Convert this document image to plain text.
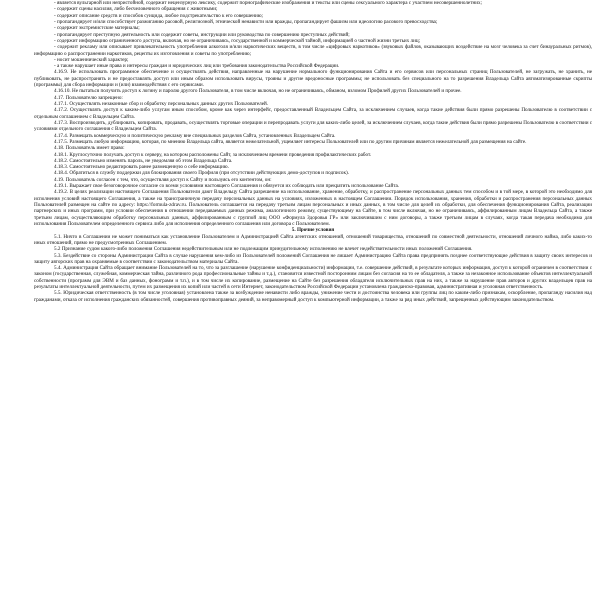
- является вульгарной или непристойной, содержит нецензурную лексику, содержит порнографические изображения и тексты или сцены сексуального характера с участием несовершеннолетних;

- содержит сцены насилия, либо бесчеловечного обращения с животными;

- содержит описание средств и способов суицида, любое подстрекательство к его совершению;

- пропагандирует и/или способствует разжиганию расовой, религиозной, этнической ненависти или вражды, пропагандирует фашизм или идеологию расового превосходства;

- содержит экстремистские материалы;

- пропагандирует преступную деятельность или содержит советы, инструкции или руководства по совершению преступных действий;

- содержит информацию ограниченного доступа, включая, но не ограничиваясь, государственной и коммерческой тайной, информацией о частной жизни третьих лиц;

- содержит рекламу или описывает привлекательность употребления алкоголя и/или наркотических веществ, в том числе «цифровых наркотиков» (звуковых файлов, оказывающих воздействие на мозг человека за счет бинауральных ритмов), информацию о распространении наркотиков, рецепты их изготовления и советы по употреблению;

- носит мошеннический характер;

- а также нарушает иные права и интересы граждан и юридических лиц или требования законодательства Российской Федерации.

4.16.9. Не использовать программное обеспечение и осуществлять действия, направленные на нарушение нормального функционирования Сайта и его сервисов или персональных страниц Пользователей, не загружать, не хранить, не публиковать, не распространять и не предоставлять доступ или иным образом использовать вирусы, трояны и другие вредоносные программы; не использовать без специального на то разрешения Владельца Сайта автоматизированные скрипты (программы) для сбора информации и (или) взаимодействия с его сервисами.

4.16.10. Не пытаться получить доступ к логину и паролю другого Пользователя, в том числе включая, но не ограничиваясь, обманом, взломом Профилей других Пользователей и прочее.

4.17. Пользователю запрещено:

4.17.1. Осуществлять незаконные сбор и обработку персональных данных других Пользователей.

4.17.2. Осуществлять доступ к каким-либо услугам иным способом, кроме как через интерфейс, предоставленный Владельцем Сайта, за исключением случаев, когда такие действия были прямо разрешены Пользователю в соответствии с отдельным соглашением с Владельцем Сайта.

4.17.3. Воспроизводить, дублировать, копировать, продавать, осуществлять торговые операции и перепродавать услуги для каких-либо целей, за исключением случаев, когда такие действия были прямо разрешены Пользователю в соответствии с условиями отдельного соглашения с Владельцем Сайта.

4.17.4. Размещать коммерческую и политическую рекламу вне специальных разделов Сайта, установленных Владельцем Сайта.

4.17.5. Размещать любую информацию, которая, по мнению Владельца сайта, является нежелательной, ущемляет интересы Пользователей или по другим причинам является нежелательной для размещения на сайте.

4.18. Пользователь имеет право:

4.18.1. Круглосуточно получать доступ к серверу, на котором расположены Сайт, за исключением времени проведения профилактических работ.

4.18.2. Самостоятельно изменять пароль, не уведомляя об этом Владельца Сайта.

4.18.3. Самостоятельно редактировать ранее размещенную о себе информацию.

4.18.4. Обратиться в службу поддержки для блокирования своего Профиля (при отсутствии действующих демо-доступов и подписок).

4.19. Пользователь согласен с тем, что, осуществляя доступ к Сайту и пользуясь его контентом, он:

4.19.1. Выражает свое безоговорочное согласие со всеми условиями настоящего Соглашения и обязуется их соблюдать или прекратить использование Сайта.

4.19.2. В целях реализации настоящего Соглашения Пользователи дают Владельцу Сайта разрешение на использование, хранение, обработку, и распространение персональных данных тем способом и в той мере, в которой это необходимо для исполнения условий настоящего Соглашения, а также на трансграничную передачу персональных данных на условиях, изложенных в настоящем Соглашении. Порядок использования, хранения, обработки и распространения персональных данных Пользователей размещен на сайте по адресу: https://formula-zdrav.ru. Пользователь соглашается на передачу третьим лицам персональных и иных данных, в том числе для целей их обработки, для обеспечения функционирования Сайта, реализации партнерских и иных программ, при условии обеспечения в отношении передаваемых данных режима, аналогичного режиму, существующему на Сайте, в том числе включая, но не ограничиваясь, аффилированным лицам Владельца Сайта, а также третьим лицам, осуществляющим обработку персональных данных, аффилированным с группой лиц ООО «Формула Здоровья ГР» или заключившим с ним договоры, а также третьим лицам в случаях, когда такая передача необходима для использования Пользователем определенного сервиса либо для исполнения определенного соглашения или договора с Пользователем.

5. Прочие условия

5.1. Ничто в Соглашении не может пониматься как установление Пользователем и Администрацией Сайта агентских отношений, отношений товарищества, отношений по совместной деятельности, отношений личного найма, либо каких-то иных отношений, прямо не предусмотренных Соглашением.

5.2 Признание судом какого-либо положения Соглашения недействительным или не подлежащим принудительному исполнению не влечет недействительности иных положений Соглашения.

5.3. Бездействие со стороны Администрации Сайта в случае нарушения кем-либо из Пользователей положений Соглашения не лишает Администрацию Сайта права предпринять позднее соответствующие действия в защиту своих интересов и защиту авторских прав на охраняемые в соответствии с законодательством материалы Сайта.

5.4. Администрация Сайта обращает внимание Пользователей на то, что за разглашение (нарушение конфиденциальности) информации, т.е. совершение действий, в результате которых информация, доступ к которой ограничен в соответствии с законом (государственная, служебная, коммерческая тайна, различного рода профессиональные тайны и т.д.), становится известной посторонним лицам без согласия на то ее обладателя, а также за незаконное использование объектов интеллектуальной собственности (программ для ЭВМ и баз данных, фонограмм и т.п.), и в том числе их копирование, размещение на Сайте без разрешения обладателя исключительных прав на них, а также за нарушение прав авторов и других владельцев прав на результаты интеллектуальной деятельности, путем их размещения их копий или частей в сети Интернет, законодательством Российской Федерации установлена гражданско-правовая, административная и уголовная ответственность.

5.5. Юридическая ответственность (в том числе уголовная) установлена также за возбуждение ненависти либо вражды, унижение чести и достоинства человека или группы лиц по каким-либо признакам, оскорбление, пропаганду насилия над гражданами, отказа от исполнения гражданских обязанностей, совершения противоправных деяний, за неправомерный доступ к компьютерной информации, а также за ряд иных действий, запрещенных действующим законодательством.
